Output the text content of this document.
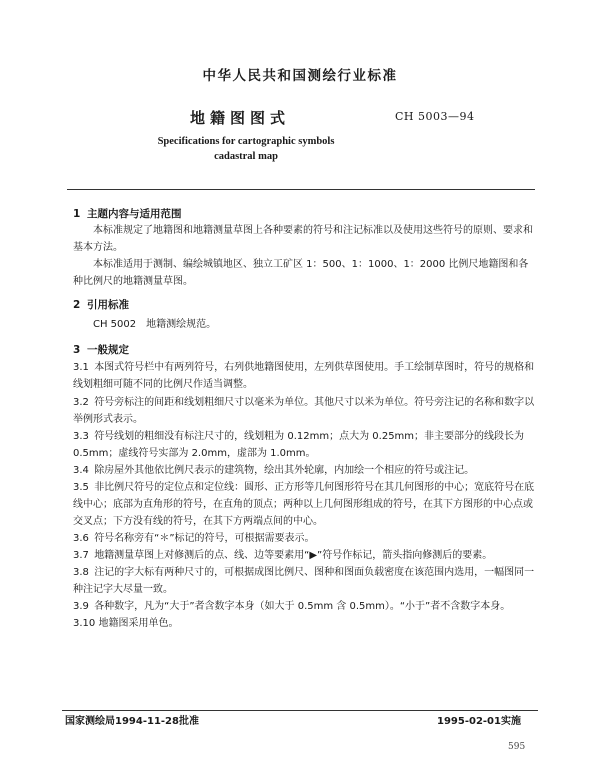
中华人民共和国测绘行业标准
地籍图图式	CH 5003—94
Specifications for cartographic symbols
cadastral map
1 主题内容与适用范围
本标准规定了地籍图和地籍测量草图上各种要素的符号和注记标准以及使用这些符号的原则、要求和基本方法。
本标准适用于测制、编绘城镇地区、独立工矿区 1：500、1：1000、1：2000 比例尺地籍图和各种比例尺的地籍测量草图。
2 引用标准
CH 5002　地籍测绘规范。
3 一般规定
3.1 本图式符号栏中有两列符号，右列供地籍图使用，左列供草图使用。手工绘制草图时，符号的规格和线划粗细可随不同的比例尺作适当调整。
3.2 符号旁标注的间距和线划粗细尺寸以毫米为单位。其他尺寸以米为单位。符号旁注记的名称和数字以举例形式表示。
3.3 符号线划的粗细没有标注尺寸的，线划粗为 0.12mm；点大为 0.25mm；非主要部分的线段长为 0.5mm；虚线符号实部为 2.0mm，虚部为 1.0mm。
3.4 除房屋外其他依比例尺表示的建筑物，绘出其外轮廓，内加绘一个相应的符号或注记。
3.5 非比例尺符号的定位点和定位线：圆形、正方形等几何图形符号在其几何图形的中心；宽底符号在底线中心；底部为直角形的符号，在直角的顶点；两种以上几何图形组成的符号，在其下方图形的中心点或交叉点；下方没有线的符号，在其下方两端点间的中心。
3.6 符号名称旁有“＊”标记的符号，可根据需要表示。
3.7 地籍测量草图上对修测后的点、线、边等要素用“▶”符号作标记，箭头指向修测后的要素。
3.8 注记的字大标有两种尺寸的，可根据成图比例尺、图种和图面负载密度在该范围内选用，一幅图同一种注记字大尽量一致。
3.9 各种数字，凡为“大于”者含数字本身（如大于 0.5mm 含 0.5mm）。“小于”者不含数字本身。
3.10 地籍图采用单色。
国家测绘局1994-11-28批准	1995-02-01实施
595
